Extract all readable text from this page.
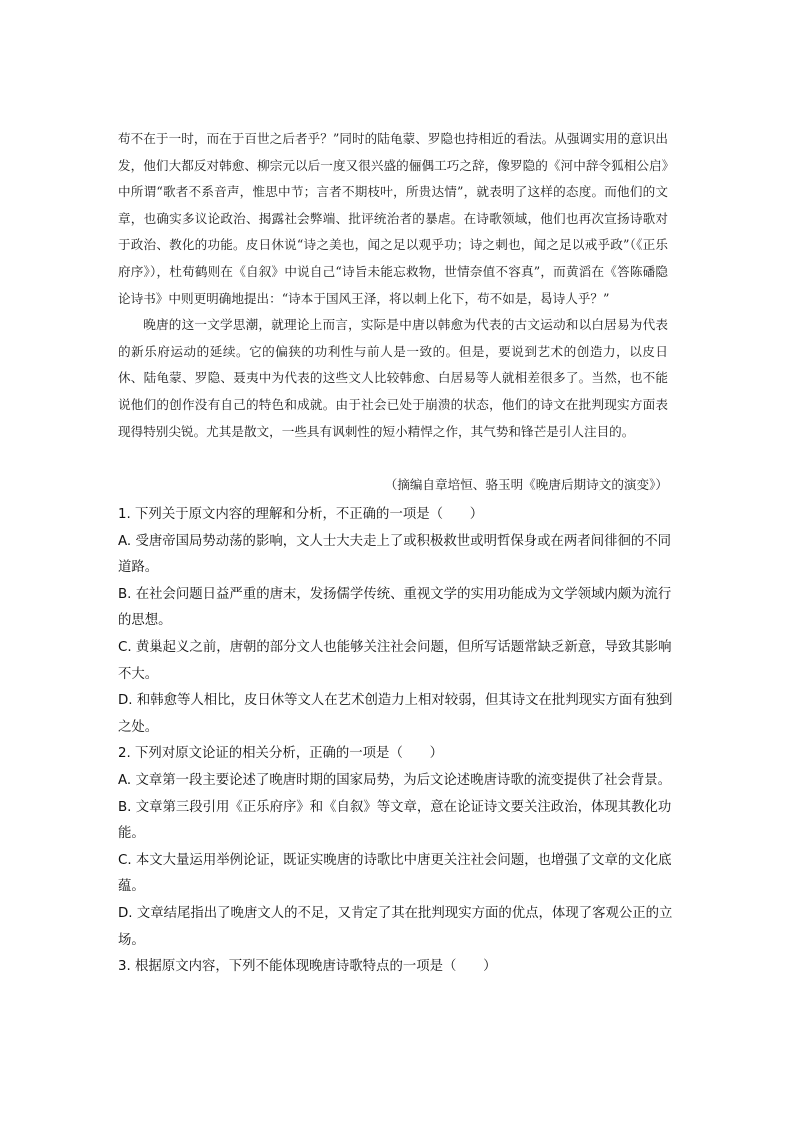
苟不在于一时，而在于百世之后者乎？”同时的陆龟蒙、罗隐也持相近的看法。从强调实用的意识出发，他们大都反对韩愈、柳宗元以后一度又很兴盛的俪偶工巧之辞，像罗隐的《河中辞令狐相公启》中所谓“歌者不系音声，惟思中节；言者不期枝叶，所贵达情”，就表明了这样的态度。而他们的文章，也确实多议论政治、揭露社会弊端、批评统治者的暴虐。在诗歌领域，他们也再次宣扬诗歌对于政治、教化的功能。皮日休说“诗之美也，闻之足以观乎功；诗之刺也，闻之足以戒乎政”（《正乐府序》），杜荀鹤则在《自叙》中说自己“诗旨未能忘救物，世情奈值不容真”，而黄滔在《答陈磻隐论诗书》中则更明确地提出：“诗本于国风王泽，将以刺上化下，苟不如是，曷诗人乎？”

晚唐的这一文学思潮，就理论上而言，实际是中唐以韩愈为代表的古文运动和以白居易为代表的新乐府运动的延续。它的偏狭的功利性与前人是一致的。但是，要说到艺术的创造力，以皮日休、陆龟蒙、罗隐、聂夷中为代表的这些文人比较韩愈、白居易等人就相差很多了。当然，也不能说他们的创作没有自己的特色和成就。由于社会已处于崩溃的状态，他们的诗文在批判现实方面表现得特别尖锐。尤其是散文，一些具有讽刺性的短小精悍之作，其气势和锋芒是引人注目的。

（摘编自章培恒、骆玉明《晚唐后期诗文的演变》）

1. 下列关于原文内容的理解和分析，不正确的一项是（　　）

A. 受唐帝国局势动荡的影响，文人士大夫走上了或积极救世或明哲保身或在两者间徘徊的不同道路。

B. 在社会问题日益严重的唐末，发扬儒学传统、重视文学的实用功能成为文学领域内颇为流行的思想。

C. 黄巢起义之前，唐朝的部分文人也能够关注社会问题，但所写话题常缺乏新意，导致其影响不大。

D. 和韩愈等人相比，皮日休等文人在艺术创造力上相对较弱，但其诗文在批判现实方面有独到之处。

2. 下列对原文论证的相关分析，正确的一项是（　　）

A. 文章第一段主要论述了晚唐时期的国家局势，为后文论述晚唐诗歌的流变提供了社会背景。

B. 文章第三段引用《正乐府序》和《自叙》等文章，意在论证诗文要关注政治，体现其教化功能。

C. 本文大量运用举例论证，既证实晚唐的诗歌比中唐更关注社会问题，也增强了文章的文化底蕴。

D. 文章结尾指出了晚唐文人的不足，又肯定了其在批判现实方面的优点，体现了客观公正的立场。

3. 根据原文内容，下列不能体现晚唐诗歌特点的一项是（　　）
